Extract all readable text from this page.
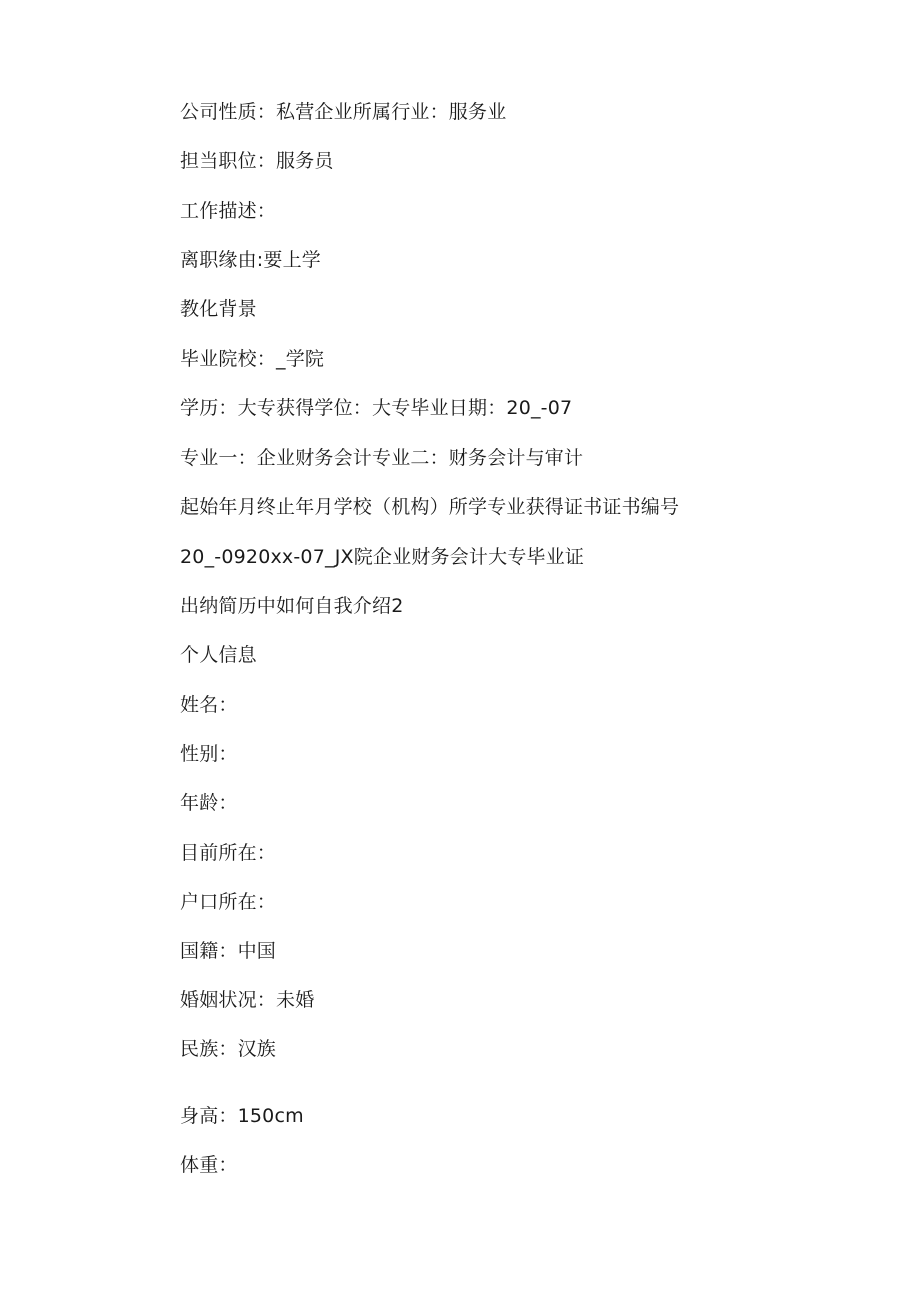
公司性质：私营企业所属行业：服务业
担当职位：服务员
工作描述：
离职缘由:要上学
教化背景
毕业院校：_学院
学历：大专获得学位：大专毕业日期：20_-07
专业一：企业财务会计专业二：财务会计与审计
起始年月终止年月学校（机构）所学专业获得证书证书编号
20_-0920xx-07_JX院企业财务会计大专毕业证
出纳简历中如何自我介绍2
个人信息
姓名：
性别：
年龄：
目前所在：
户口所在：
国籍：中国
婚姻状况：未婚
民族：汉族
身高：150cm
体重：
